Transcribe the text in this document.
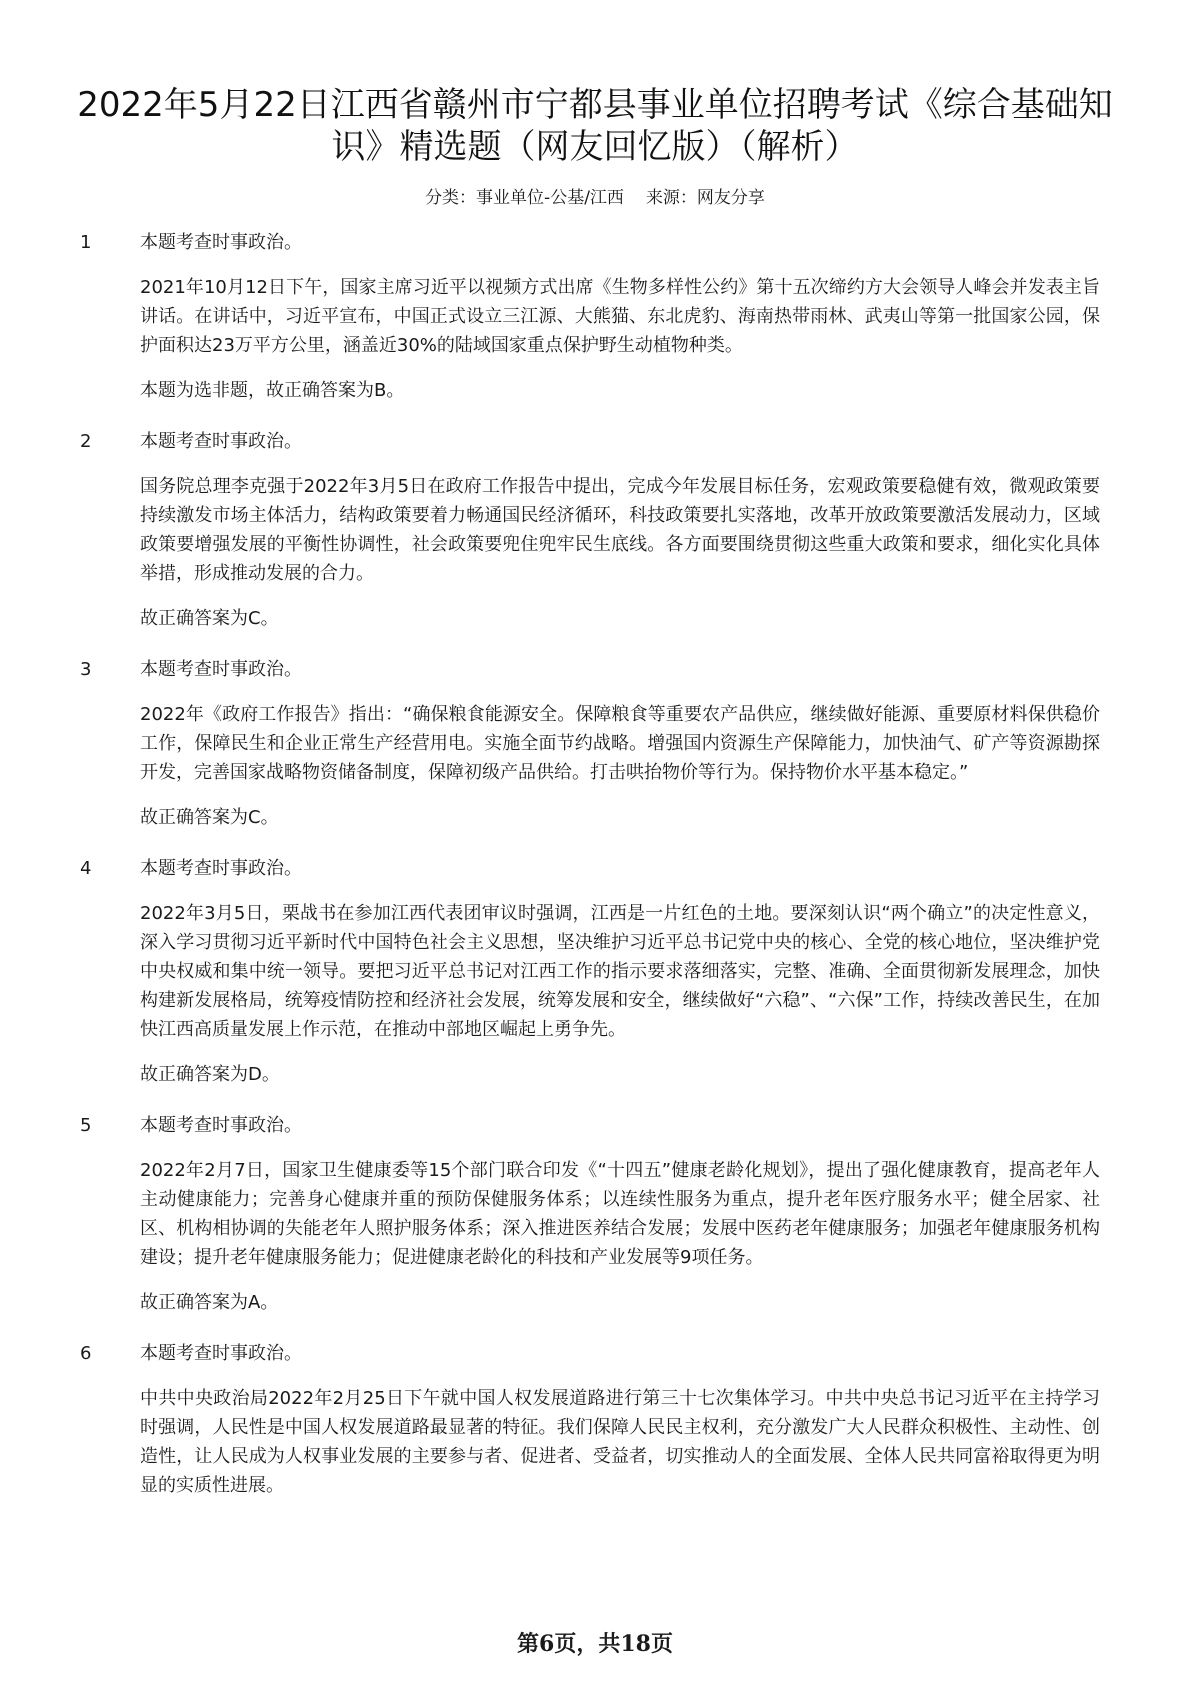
2022年5月22日江西省赣州市宁都县事业单位招聘考试《综合基础知识》精选题（网友回忆版）（解析）
分类：事业单位-公基/江西 来源：网友分享
1	本题考查时事政治。

2021年10月12日下午，国家主席习近平以视频方式出席《生物多样性公约》第十五次缔约方大会领导人峰会并发表主旨讲话。在讲话中，习近平宣布，中国正式设立三江源、大熊猫、东北虎豹、海南热带雨林、武夷山等第一批国家公园，保护面积达23万平方公里，涵盖近30%的陆域国家重点保护野生动植物种类。

本题为选非题，故正确答案为B。

2	本题考查时事政治。

国务院总理李克强于2022年3月5日在政府工作报告中提出，完成今年发展目标任务，宏观政策要稳健有效，微观政策要持续激发市场主体活力，结构政策要着力畅通国民经济循环，科技政策要扎实落地，改革开放政策要激活发展动力，区域政策要增强发展的平衡性协调性，社会政策要兜住兜牢民生底线。各方面要围绕贯彻这些重大政策和要求，细化实化具体举措，形成推动发展的合力。

故正确答案为C。

3	本题考查时事政治。

2022年《政府工作报告》指出：“确保粮食能源安全。保障粮食等重要农产品供应，继续做好能源、重要原材料保供稳价工作，保障民生和企业正常生产经营用电。实施全面节约战略。增强国内资源生产保障能力，加快油气、矿产等资源勘探开发，完善国家战略物资储备制度，保障初级产品供给。打击哄抬物价等行为。保持物价水平基本稳定。”

故正确答案为C。

4	本题考查时事政治。

2022年3月5日，栗战书在参加江西代表团审议时强调，江西是一片红色的土地。要深刻认识“两个确立”的决定性意义，深入学习贯彻习近平新时代中国特色社会主义思想，坚决维护习近平总书记党中央的核心、全党的核心地位，坚决维护党中央权威和集中统一领导。要把习近平总书记对江西工作的指示要求落细落实，完整、准确、全面贯彻新发展理念，加快构建新发展格局，统筹疫情防控和经济社会发展，统筹发展和安全，继续做好“六稳”、“六保”工作，持续改善民生，在加快江西高质量发展上作示范，在推动中部地区崛起上勇争先。

故正确答案为D。

5	本题考查时事政治。

2022年2月7日，国家卫生健康委等15个部门联合印发《“十四五”健康老龄化规划》，提出了强化健康教育，提高老年人主动健康能力；完善身心健康并重的预防保健服务体系；以连续性服务为重点，提升老年医疗服务水平；健全居家、社区、机构相协调的失能老年人照护服务体系；深入推进医养结合发展；发展中医药老年健康服务；加强老年健康服务机构建设；提升老年健康服务能力；促进健康老龄化的科技和产业发展等9项任务。

故正确答案为A。

6	本题考查时事政治。

中共中央政治局2022年2月25日下午就中国人权发展道路进行第三十七次集体学习。中共中央总书记习近平在主持学习时强调，人民性是中国人权发展道路最显著的特征。我们保障人民民主权利，充分激发广大人民群众积极性、主动性、创造性，让人民成为人权事业发展的主要参与者、促进者、受益者，切实推动人的全面发展、全体人民共同富裕取得更为明显的实质性进展。

第6页，共18页
